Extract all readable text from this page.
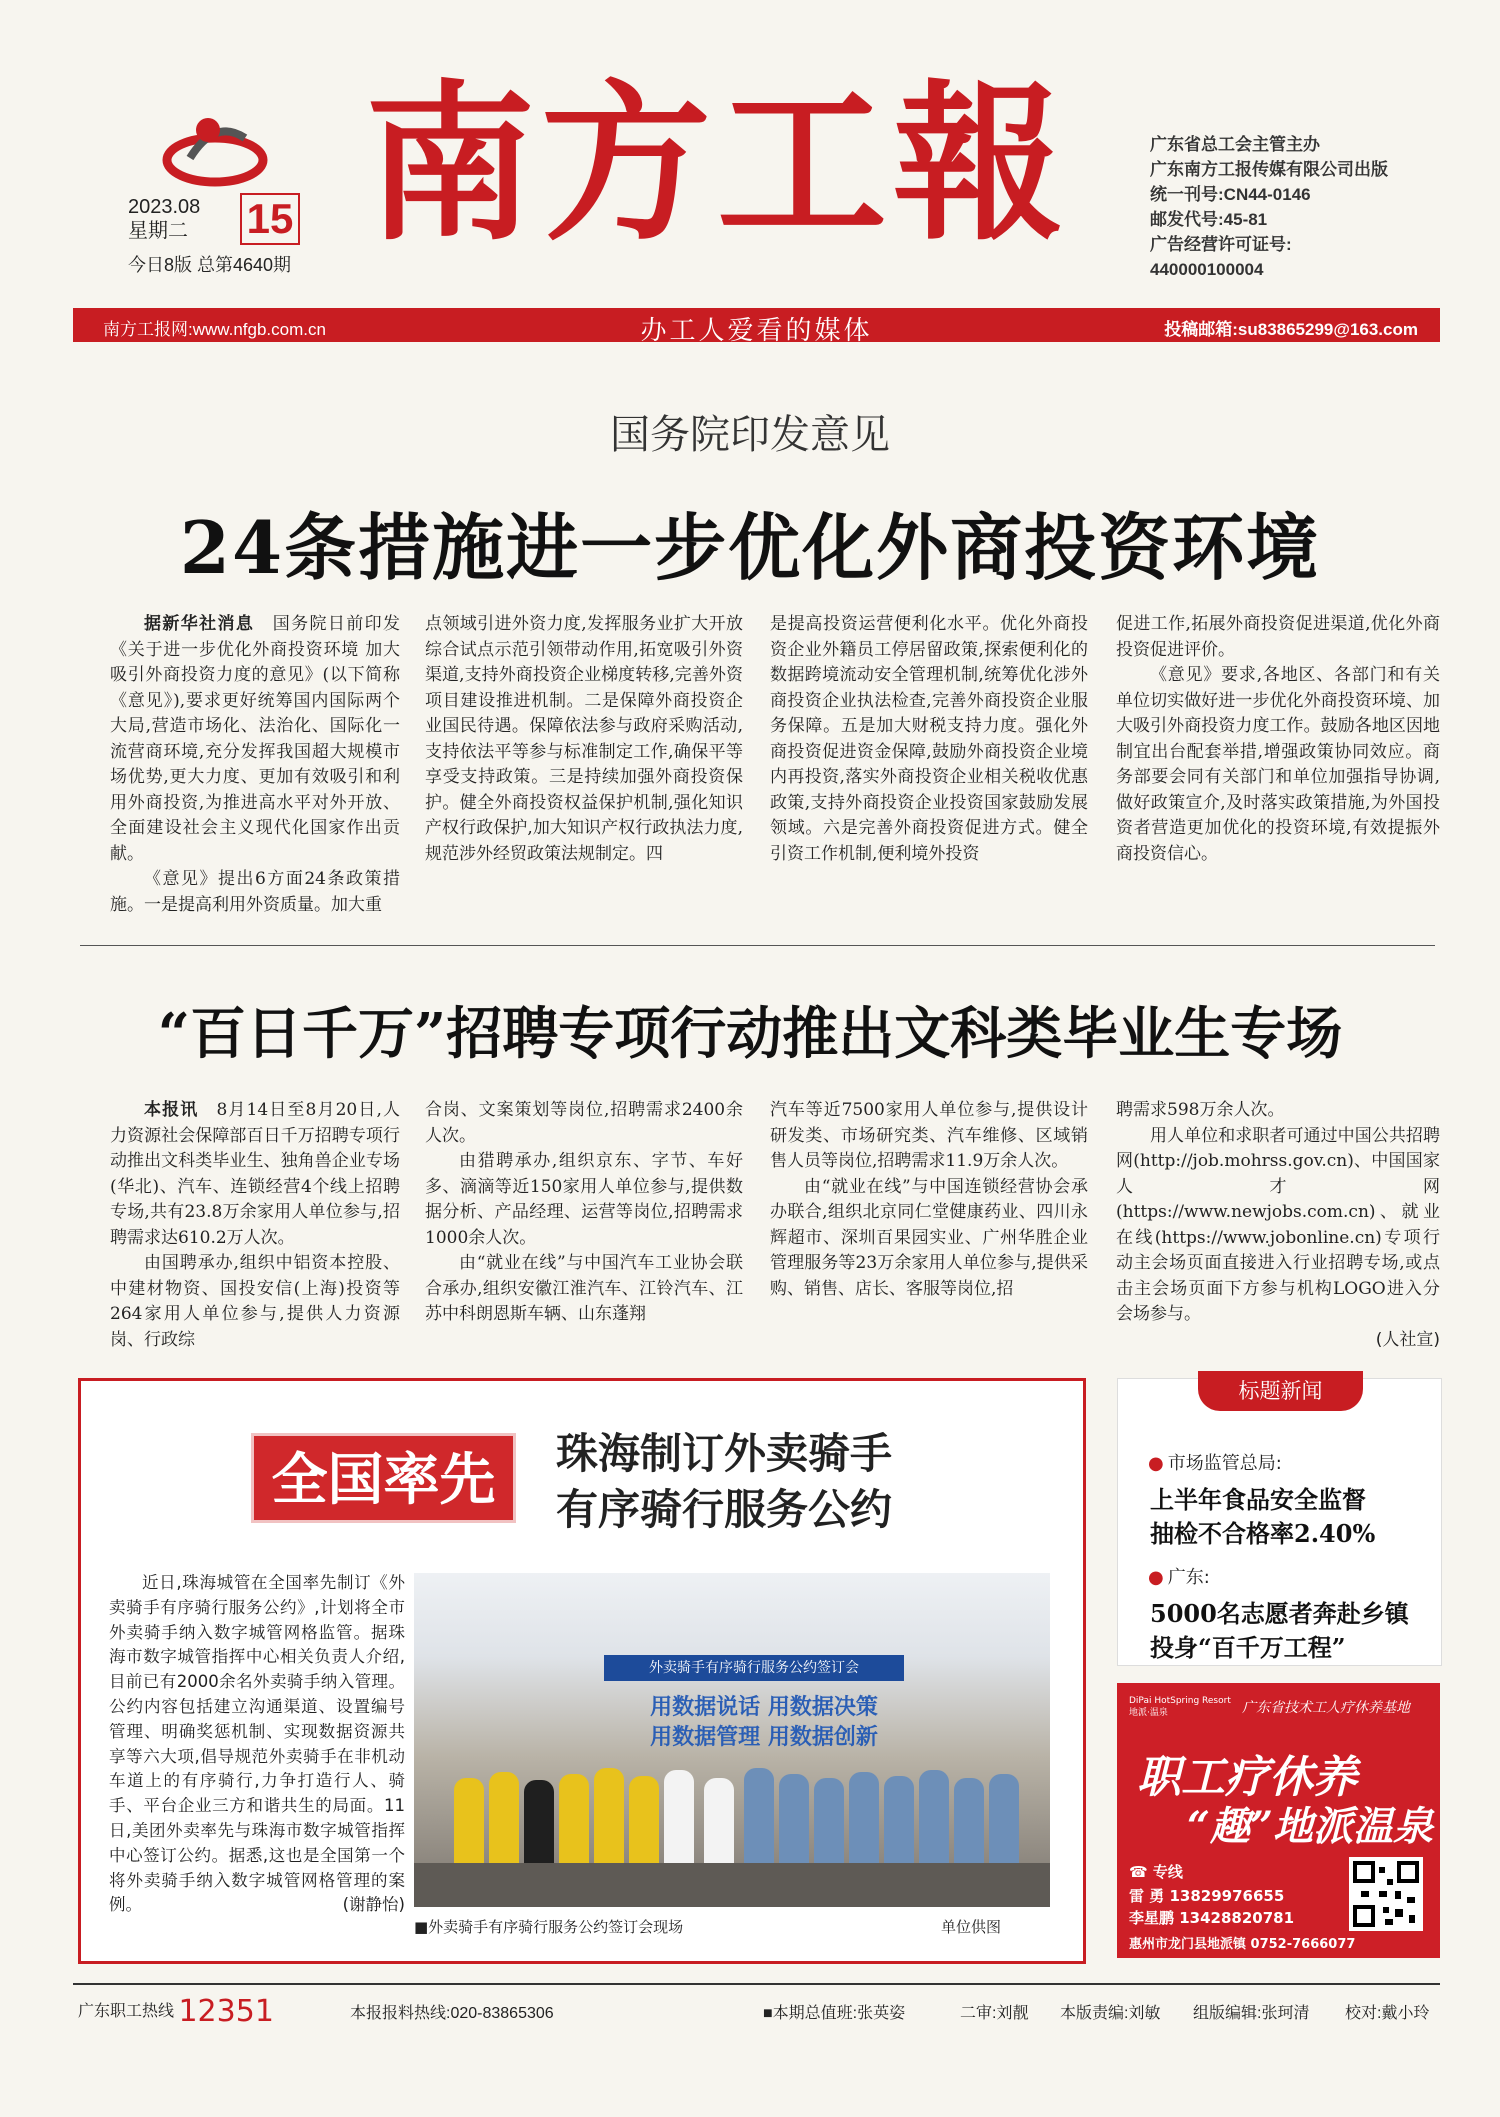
2023.08
星期二	15
今日8版 总第4640期
南方工報	广东省总工会主管主办
广东南方工报传媒有限公司出版
统一刊号:CN44-0146
邮发代号:45-81
广告经营许可证号:
440000100004
南方工报网:www.nfgb.com.cn	办工人爱看的媒体	投稿邮箱:su83865299@163.com
国务院印发意见
24条措施进一步优化外商投资环境

据新华社消息　 国务院日前印发《关于进一步优化外商投资环境 加大吸引外商投资力度的意见》(以下简称《意见》),要求更好统筹国内国际两个大局,营造市场化、法治化、国际化一流营商环境,充分发挥我国超大规模市场优势,更大力度、更加有效吸引和利用外商投资,为推进高水平对外开放、全面建设社会主义现代化国家作出贡献。

《意见》提出6方面24条政策措施。一是提高利用外资质量。加大重

点领域引进外资力度,发挥服务业扩大开放综合试点示范引领带动作用,拓宽吸引外资渠道,支持外商投资企业梯度转移,完善外资项目建设推进机制。二是保障外商投资企业国民待遇。保障依法参与政府采购活动,支持依法平等参与标准制定工作,确保平等享受支持政策。三是持续加强外商投资保护。健全外商投资权益保护机制,强化知识产权行政保护,加大知识产权行政执法力度,规范涉外经贸政策法规制定。四

是提高投资运营便利化水平。优化外商投资企业外籍员工停居留政策,探索便利化的数据跨境流动安全管理机制,统筹优化涉外商投资企业执法检查,完善外商投资企业服务保障。五是加大财税支持力度。强化外商投资促进资金保障,鼓励外商投资企业境内再投资,落实外商投资企业相关税收优惠政策,支持外商投资企业投资国家鼓励发展领域。六是完善外商投资促进方式。健全引资工作机制,便利境外投资

促进工作,拓展外商投资促进渠道,优化外商投资促进评价。

《意见》要求,各地区、各部门和有关单位切实做好进一步优化外商投资环境、加大吸引外商投资力度工作。鼓励各地区因地制宜出台配套举措,增强政策协同效应。商务部要会同有关部门和单位加强指导协调,做好政策宣介,及时落实政策措施,为外国投资者营造更加优化的投资环境,有效提振外商投资信心。

“百日千万”招聘专项行动推出文科类毕业生专场

本报讯　 8月14日至8月20日,人力资源社会保障部百日千万招聘专项行动推出文科类毕业生、独角兽企业专场(华北)、汽车、连锁经营4个线上招聘专场,共有23.8万余家用人单位参与,招聘需求达610.2万人次。

由国聘承办,组织中铝资本控股、中建材物资、国投安信(上海)投资等264家用人单位参与,提供人力资源岗、行政综

合岗、文案策划等岗位,招聘需求2400余人次。

由猎聘承办,组织京东、字节、车好多、滴滴等近150家用人单位参与,提供数据分析、产品经理、运营等岗位,招聘需求1000余人次。

由“就业在线”与中国汽车工业协会联合承办,组织安徽江淮汽车、江铃汽车、江苏中科朗恩斯车辆、山东蓬翔

汽车等近7500家用人单位参与,提供设计研发类、市场研究类、汽车维修、区域销售人员等岗位,招聘需求11.9万余人次。

由“就业在线”与中国连锁经营协会承办联合,组织北京同仁堂健康药业、四川永辉超市、深圳百果园实业、广州华胜企业管理服务等23万余家用人单位参与,提供采购、销售、店长、客服等岗位,招

聘需求598万余人次。

用人单位和求职者可通过中国公共招聘网(http://job.mohrss.gov.cn)、中国国家人才网(https://www.newjobs.com.cn)、就业在线(https://www.jobonline.cn)专项行动主会场页面直接进入行业招聘专场,或点击主会场页面下方参与机构LOGO进入分会场参与。

(人社宣)

全国率先	珠海制订外卖骑手
有序骑行服务公约

近日,珠海城管在全国率先制订《外卖骑手有序骑行服务公约》,计划将全市外卖骑手纳入数字城管网格监管。据珠海市数字城管指挥中心相关负责人介绍,目前已有2000余名外卖骑手纳入管理。公约内容包括建立沟通渠道、设置编号管理、明确奖惩机制、实现数据资源共享等六大项,倡导规范外卖骑手在非机动车道上的有序骑行,力争打造行人、骑手、平台企业三方和谐共生的局面。11日,美团外卖率先与珠海市数字城管指挥中心签订公约。据悉,这也是全国第一个将外卖骑手纳入数字城管网格管理的案例。	(谢静怡)

外卖骑手有序骑行服务公约签订会
用数据说话 用数据决策
用数据管理 用数据创新
■外卖骑手有序骑行服务公约签订会现场	单位供图
标题新闻
● 市场监管总局:
上半年食品安全监督
抽检不合格率2.40%
● 广东:
5000名志愿者奔赴乡镇
投身“百千万工程”
DiPai HotSpring Resort
地派·温泉	广东省技术工人疗休养基地
职工疗休养
“趣”地派温泉
☎ 专线
雷 勇 13829976655
李星鹏 13428820781
惠州市龙门县地派镇 0752-7666077
广东职工热线 12351	本报报料热线:020-83865306	■本期总值班:张英姿	二审:刘靓 本版责编:刘敏 组版编辑:张珂清 校对:戴小玲
